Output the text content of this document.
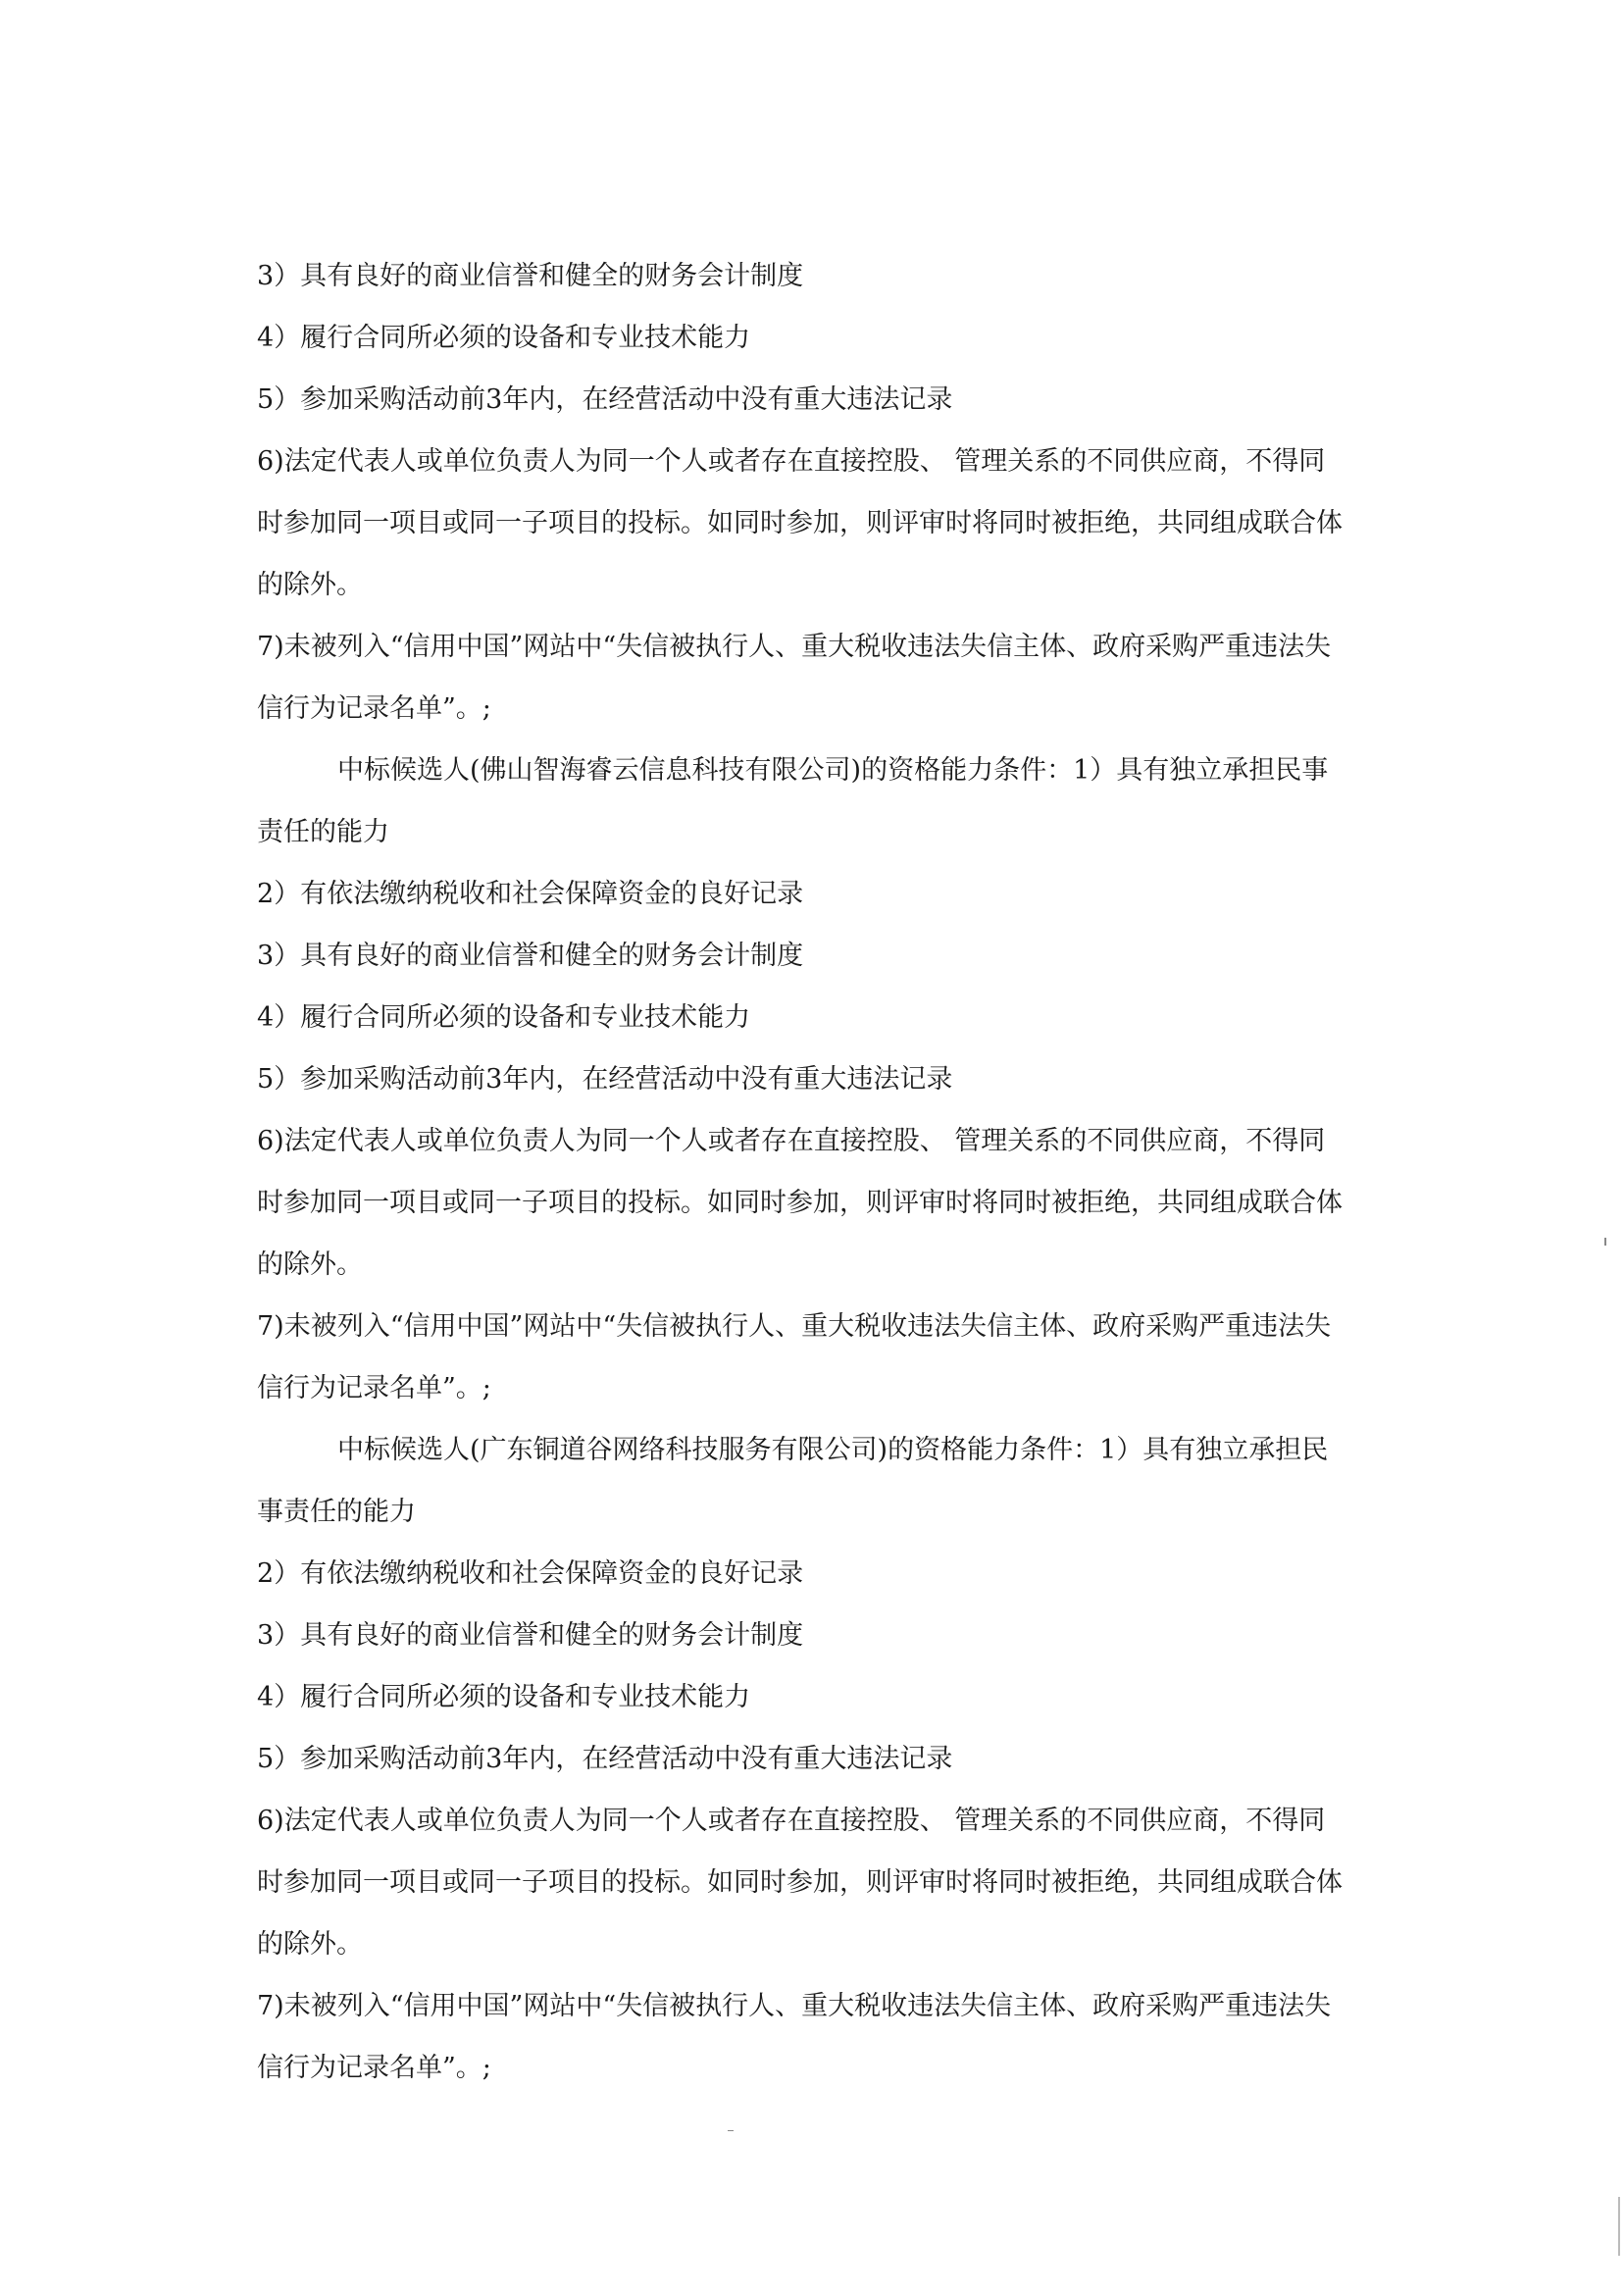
3）具有良好的商业信誉和健全的财务会计制度

4）履行合同所必须的设备和专业技术能力

5）参加采购活动前3年内，在经营活动中没有重大违法记录

6)法定代表人或单位负责人为同一个人或者存在直接控股、 管理关系的不同供应商，不得同时参加同一项目或同一子项目的投标。如同时参加，则评审时将同时被拒绝，共同组成联合体的除外。

7)未被列入“信用中国”网站中“失信被执行人、重大税收违法失信主体、政府采购严重违法失信行为记录名单”。;

中标候选人(佛山智海睿云信息科技有限公司)的资格能力条件：1）具有独立承担民事责任的能力

2）有依法缴纳税收和社会保障资金的良好记录

3）具有良好的商业信誉和健全的财务会计制度

4）履行合同所必须的设备和专业技术能力

5）参加采购活动前3年内，在经营活动中没有重大违法记录

6)法定代表人或单位负责人为同一个人或者存在直接控股、 管理关系的不同供应商，不得同时参加同一项目或同一子项目的投标。如同时参加，则评审时将同时被拒绝，共同组成联合体的除外。

7)未被列入“信用中国”网站中“失信被执行人、重大税收违法失信主体、政府采购严重违法失信行为记录名单”。;

中标候选人(广东铜道谷网络科技服务有限公司)的资格能力条件：1）具有独立承担民事责任的能力

2）有依法缴纳税收和社会保障资金的良好记录

3）具有良好的商业信誉和健全的财务会计制度

4）履行合同所必须的设备和专业技术能力

5）参加采购活动前3年内，在经营活动中没有重大违法记录

6)法定代表人或单位负责人为同一个人或者存在直接控股、 管理关系的不同供应商，不得同时参加同一项目或同一子项目的投标。如同时参加，则评审时将同时被拒绝，共同组成联合体的除外。

7)未被列入“信用中国”网站中“失信被执行人、重大税收违法失信主体、政府采购严重违法失信行为记录名单”。;
